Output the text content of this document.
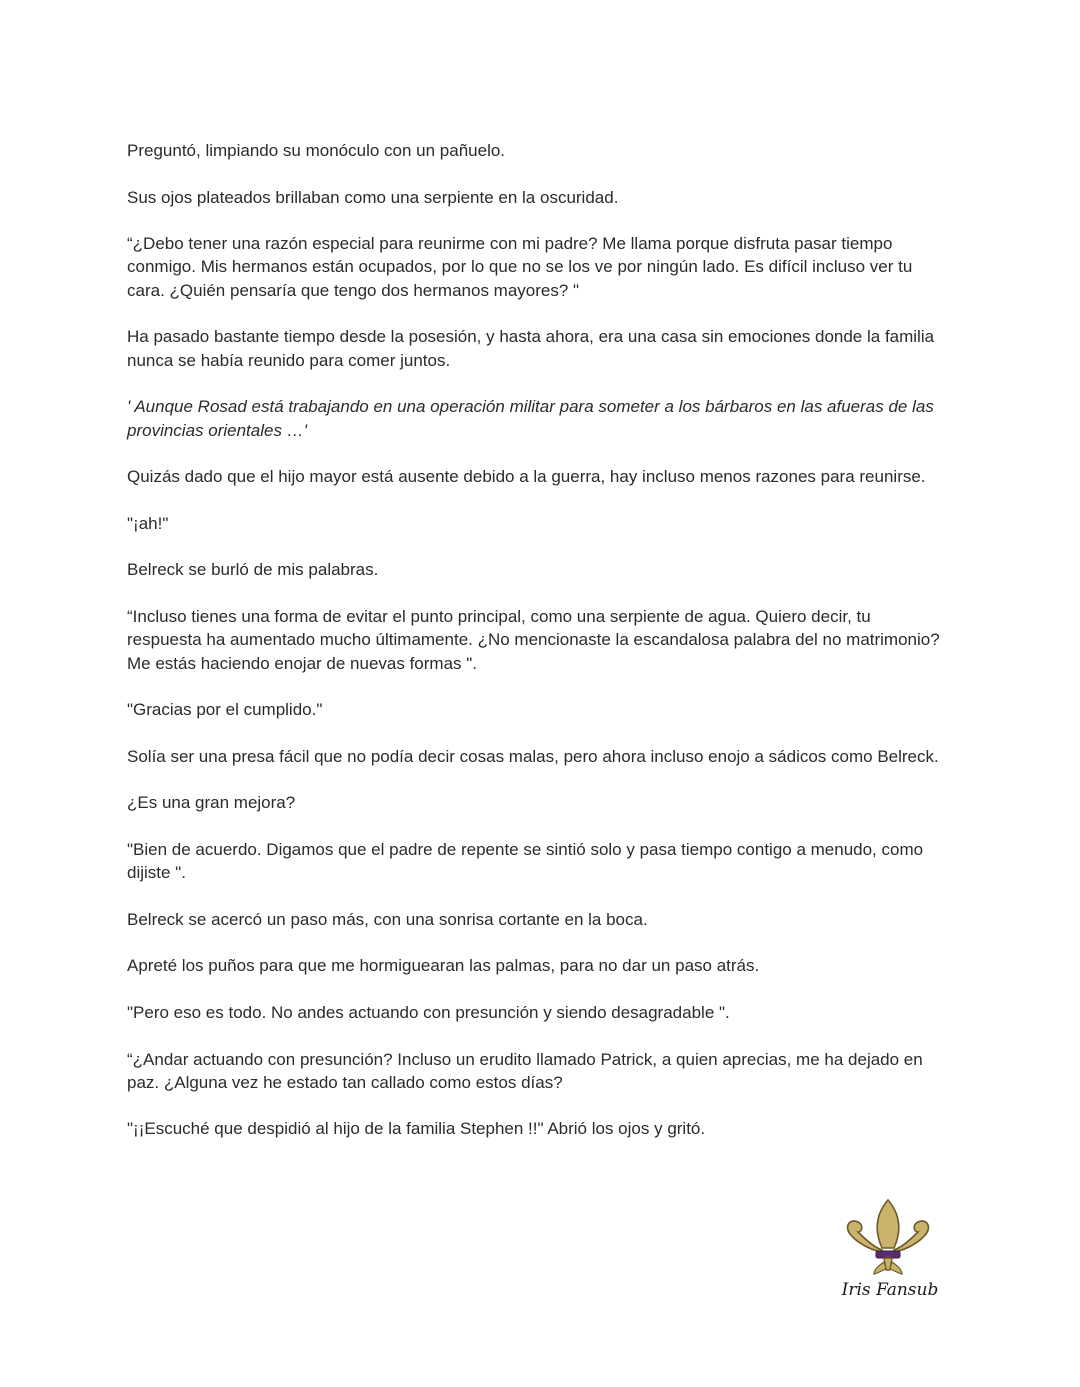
Preguntó, limpiando su monóculo con un pañuelo.

Sus ojos plateados brillaban como una serpiente en la oscuridad.

“¿Debo tener una razón especial para reunirme con mi padre? Me llama porque disfruta pasar tiempo conmigo. Mis hermanos están ocupados, por lo que no se los ve por ningún lado. Es difícil incluso ver tu cara. ¿Quién pensaría que tengo dos hermanos mayores? "

Ha pasado bastante tiempo desde la posesión, y hasta ahora, era una casa sin emociones donde la familia nunca se había reunido para comer juntos.

' Aunque Rosad está trabajando en una operación militar para someter a los bárbaros en las afueras de las provincias orientales …'

Quizás dado que el hijo mayor está ausente debido a la guerra, hay incluso menos razones para reunirse.

"¡ah!"

Belreck se burló de mis palabras.

“Incluso tienes una forma de evitar el punto principal, como una serpiente de agua. Quiero decir, tu respuesta ha aumentado mucho últimamente. ¿No mencionaste la escandalosa palabra del no matrimonio? Me estás haciendo enojar de nuevas formas ".

"Gracias por el cumplido."

Solía ser una presa fácil que no podía decir cosas malas, pero ahora incluso enojo a sádicos como Belreck.

¿Es una gran mejora?

"Bien de acuerdo. Digamos que el padre de repente se sintió solo y pasa tiempo contigo a menudo, como dijiste ".

Belreck se acercó un paso más, con una sonrisa cortante en la boca.

Apreté los puños para que me hormiguearan las palmas, para no dar un paso atrás.

"Pero eso es todo. No andes actuando con presunción y siendo desagradable ".

“¿Andar actuando con presunción? Incluso un erudito llamado Patrick, a quien aprecias, me ha dejado en paz. ¿Alguna vez he estado tan callado como estos días?

"¡¡Escuché que despidió al hijo de la familia Stephen !!" Abrió los ojos y gritó.

Iris Fansub
